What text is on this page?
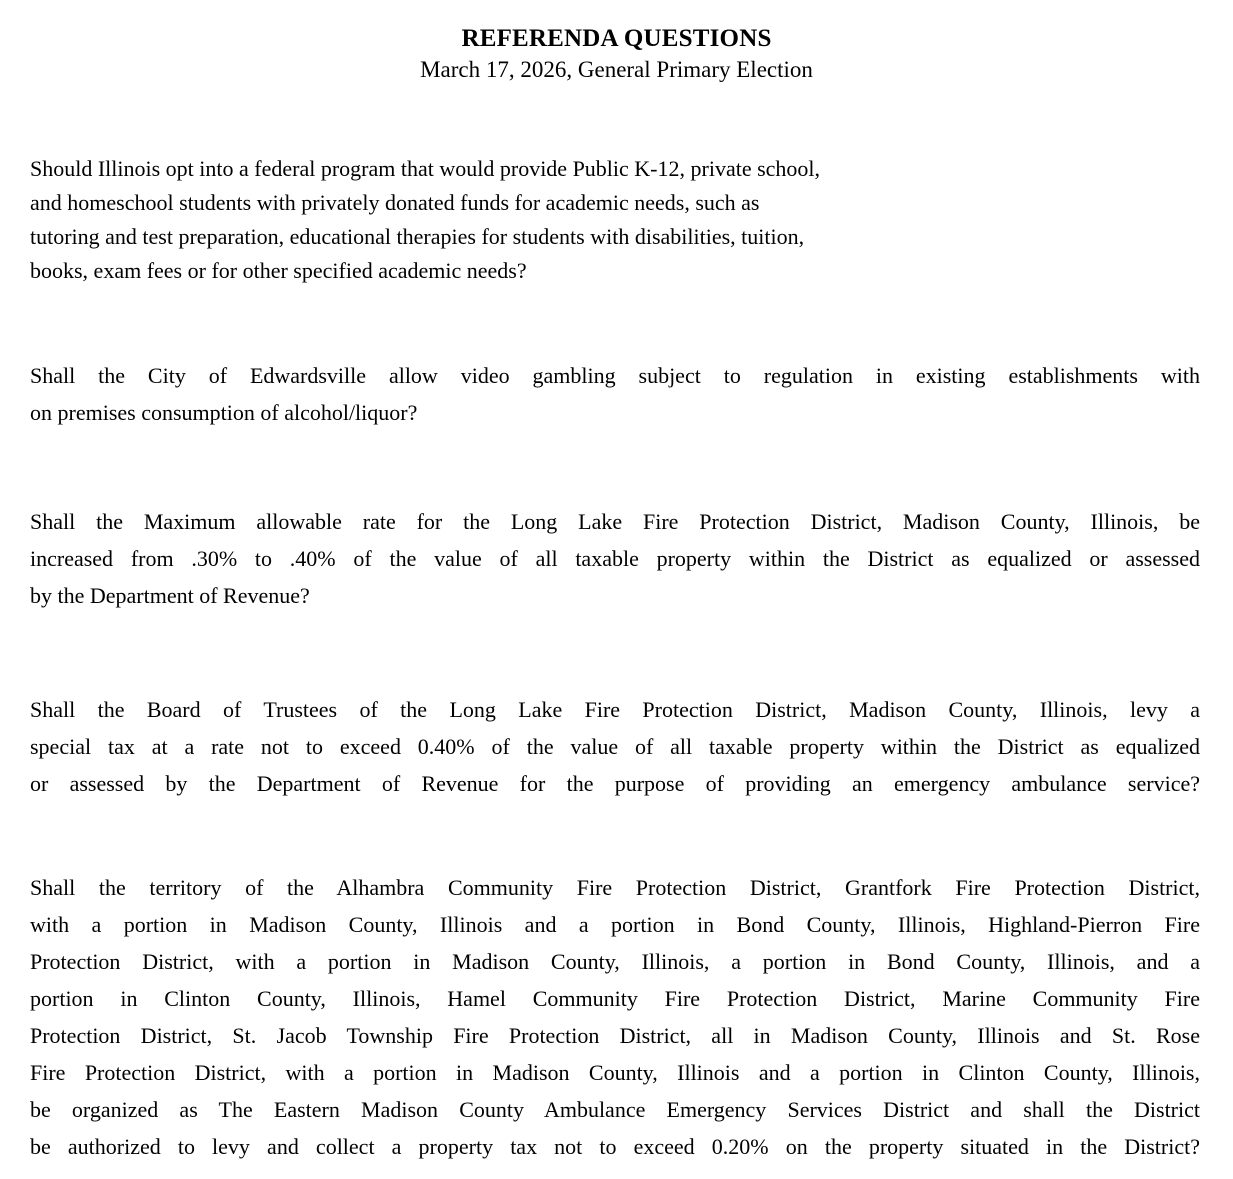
REFERENDA QUESTIONS
March 17, 2026, General Primary Election
Should Illinois opt into a federal program that would provide Public K-12, private school,
and homeschool students with privately donated funds for academic needs, such as
tutoring and test preparation, educational therapies for students with disabilities, tuition,
books, exam fees or for other specified academic needs?
Shall the City of Edwardsville allow video gambling subject to regulation in existing establishments with
on premises consumption of alcohol/liquor?
Shall the Maximum allowable rate for the Long Lake Fire Protection District, Madison County, Illinois, be
increased from .30% to .40% of the value of all taxable property within the District as equalized or assessed
by the Department of Revenue?
Shall the Board of Trustees of the Long Lake Fire Protection District, Madison County, Illinois, levy a
special tax at a rate not to exceed 0.40% of the value of all taxable property within the District as equalized
or assessed by the Department of Revenue for the purpose of providing an emergency ambulance service?
Shall the territory of the Alhambra Community Fire Protection District, Grantfork Fire Protection District,
with a portion in Madison County, Illinois and a portion in Bond County, Illinois, Highland-Pierron Fire
Protection District, with a portion in Madison County, Illinois, a portion in Bond County, Illinois, and a
portion in Clinton County, Illinois, Hamel Community Fire Protection District, Marine Community Fire
Protection District, St. Jacob Township Fire Protection District, all in Madison County, Illinois and St. Rose
Fire Protection District, with a portion in Madison County, Illinois and a portion in Clinton County, Illinois,
be organized as The Eastern Madison County Ambulance Emergency Services District and shall the District
be authorized to levy and collect a property tax not to exceed 0.20% on the property situated in the District?
